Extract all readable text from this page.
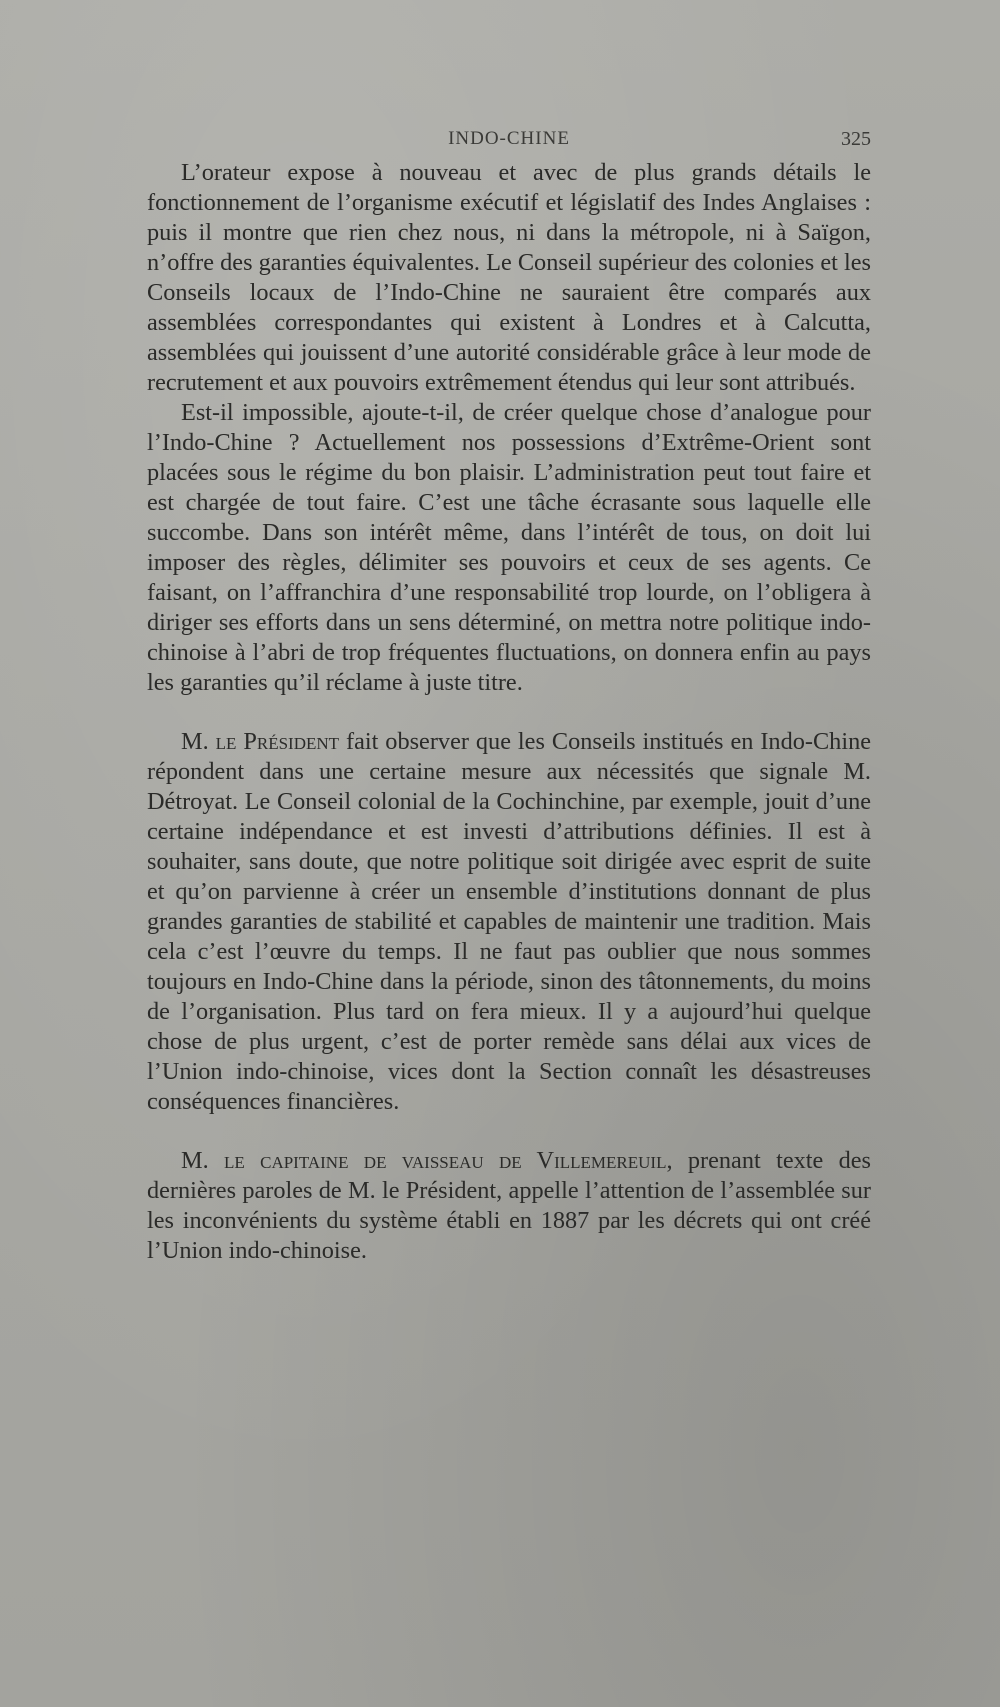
INDO-CHINE	325

L’orateur expose à nouveau et avec de plus grands détails le fonctionnement de l’organisme exécutif et législatif des Indes Anglaises : puis il montre que rien chez nous, ni dans la métropole, ni à Saïgon, n’offre des garanties équivalentes. Le Conseil supérieur des colonies et les Conseils locaux de l’Indo-Chine ne sauraient être comparés aux assemblées correspondantes qui existent à Londres et à Calcutta, assemblées qui jouissent d’une autorité considérable grâce à leur mode de recrutement et aux pouvoirs extrêmement étendus qui leur sont attribués.

Est-il impossible, ajoute-t-il, de créer quelque chose d’analogue pour l’Indo-Chine ? Actuellement nos possessions d’Extrême-Orient sont placées sous le régime du bon plaisir. L’administration peut tout faire et est chargée de tout faire. C’est une tâche écrasante sous laquelle elle succombe. Dans son intérêt même, dans l’intérêt de tous, on doit lui imposer des règles, délimiter ses pouvoirs et ceux de ses agents. Ce faisant, on l’affranchira d’une responsabilité trop lourde, on l’obligera à diriger ses efforts dans un sens déterminé, on mettra notre politique indo-chinoise à l’abri de trop fréquentes fluctuations, on donnera enfin au pays les garanties qu’il réclame à juste titre.

M. le Président fait observer que les Conseils institués en Indo-Chine répondent dans une certaine mesure aux nécessités que signale M. Détroyat. Le Conseil colonial de la Cochinchine, par exemple, jouit d’une certaine indépendance et est investi d’attributions définies. Il est à souhaiter, sans doute, que notre politique soit dirigée avec esprit de suite et qu’on parvienne à créer un ensemble d’institutions donnant de plus grandes garanties de stabilité et capables de maintenir une tradition. Mais cela c’est l’œuvre du temps. Il ne faut pas oublier que nous sommes toujours en Indo-Chine dans la période, sinon des tâtonnements, du moins de l’organisation. Plus tard on fera mieux. Il y a aujourd’hui quelque chose de plus urgent, c’est de porter remède sans délai aux vices de l’Union indo-chinoise, vices dont la Section connaît les désastreuses conséquences financières.

M. le capitaine de vaisseau de Villemereuil, prenant texte des dernières paroles de M. le Président, appelle l’attention de l’assemblée sur les inconvénients du système établi en 1887 par les décrets qui ont créé l’Union indo-chinoise.
